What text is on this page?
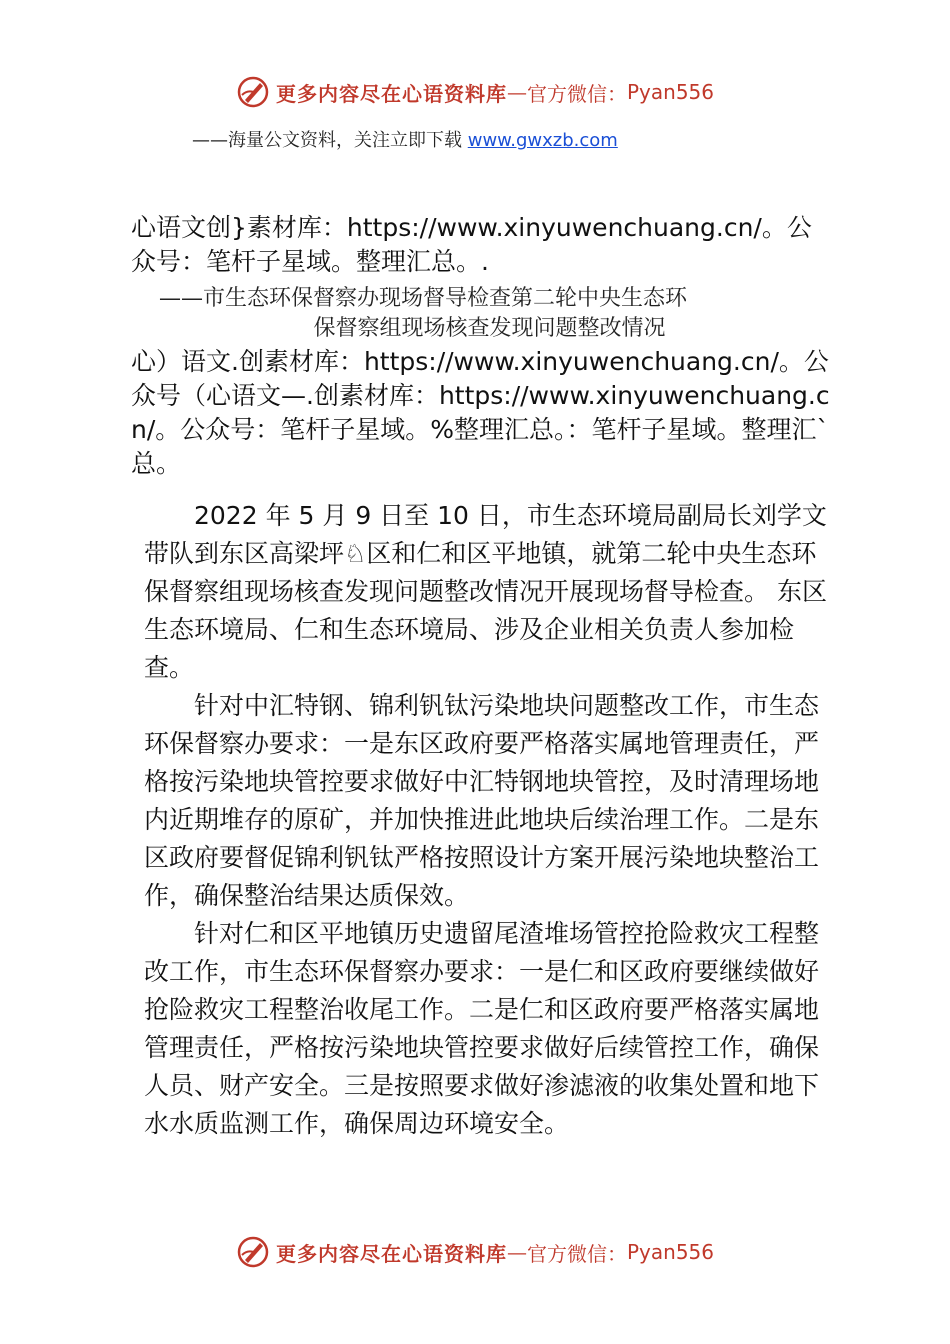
更多内容尽在心语资料库 — 官方微信： Pyan556
——海量公文资料，关注立即下载 www.gwxzb.com

心语文创}素材库：https://www.xinyuwenchuang.cn/。公众号：笔杆子星域。整理汇总。.

——市生态环保督察办现场督导检查第二轮中央生态环
保督察组现场核查发现问题整改情况

心）语文.创素材库：https://www.xinyuwenchuang.cn/。公众号（心语文—.创素材库：https://www.xinyuwenchuang.cn/。公众号：笔杆子星域。%整理汇总。：笔杆子星域。整理汇`总。

2022 年 5 月 9 日至 10 日，市生态环境局副局长刘学文带队到东区高梁坪♘区和仁和区平地镇，就第二轮中央生态环保督察组现场核查发现问题整改情况开展现场督导检查。 东区生态环境局、仁和生态环境局、涉及企业相关负责人参加检查。

针对中汇特钢、锦利钒钛污染地块问题整改工作，市生态环保督察办要求：一是东区政府要严格落实属地管理责任，严格按污染地块管控要求做好中汇特钢地块管控，及时清理场地内近期堆存的原矿，并加快推进此地块后续治理工作。二是东区政府要督促锦利钒钛严格按照设计方案开展污染地块整治工作，确保整治结果达质保效。

针对仁和区平地镇历史遗留尾渣堆场管控抢险救灾工程整改工作，市生态环保督察办要求：一是仁和区政府要继续做好抢险救灾工程整治收尾工作。二是仁和区政府要严格落实属地管理责任，严格按污染地块管控要求做好后续管控工作，确保人员、财产安全。三是按照要求做好渗滤液的收集处置和地下水水质监测工作，确保周边环境安全。

更多内容尽在心语资料库 — 官方微信： Pyan556
